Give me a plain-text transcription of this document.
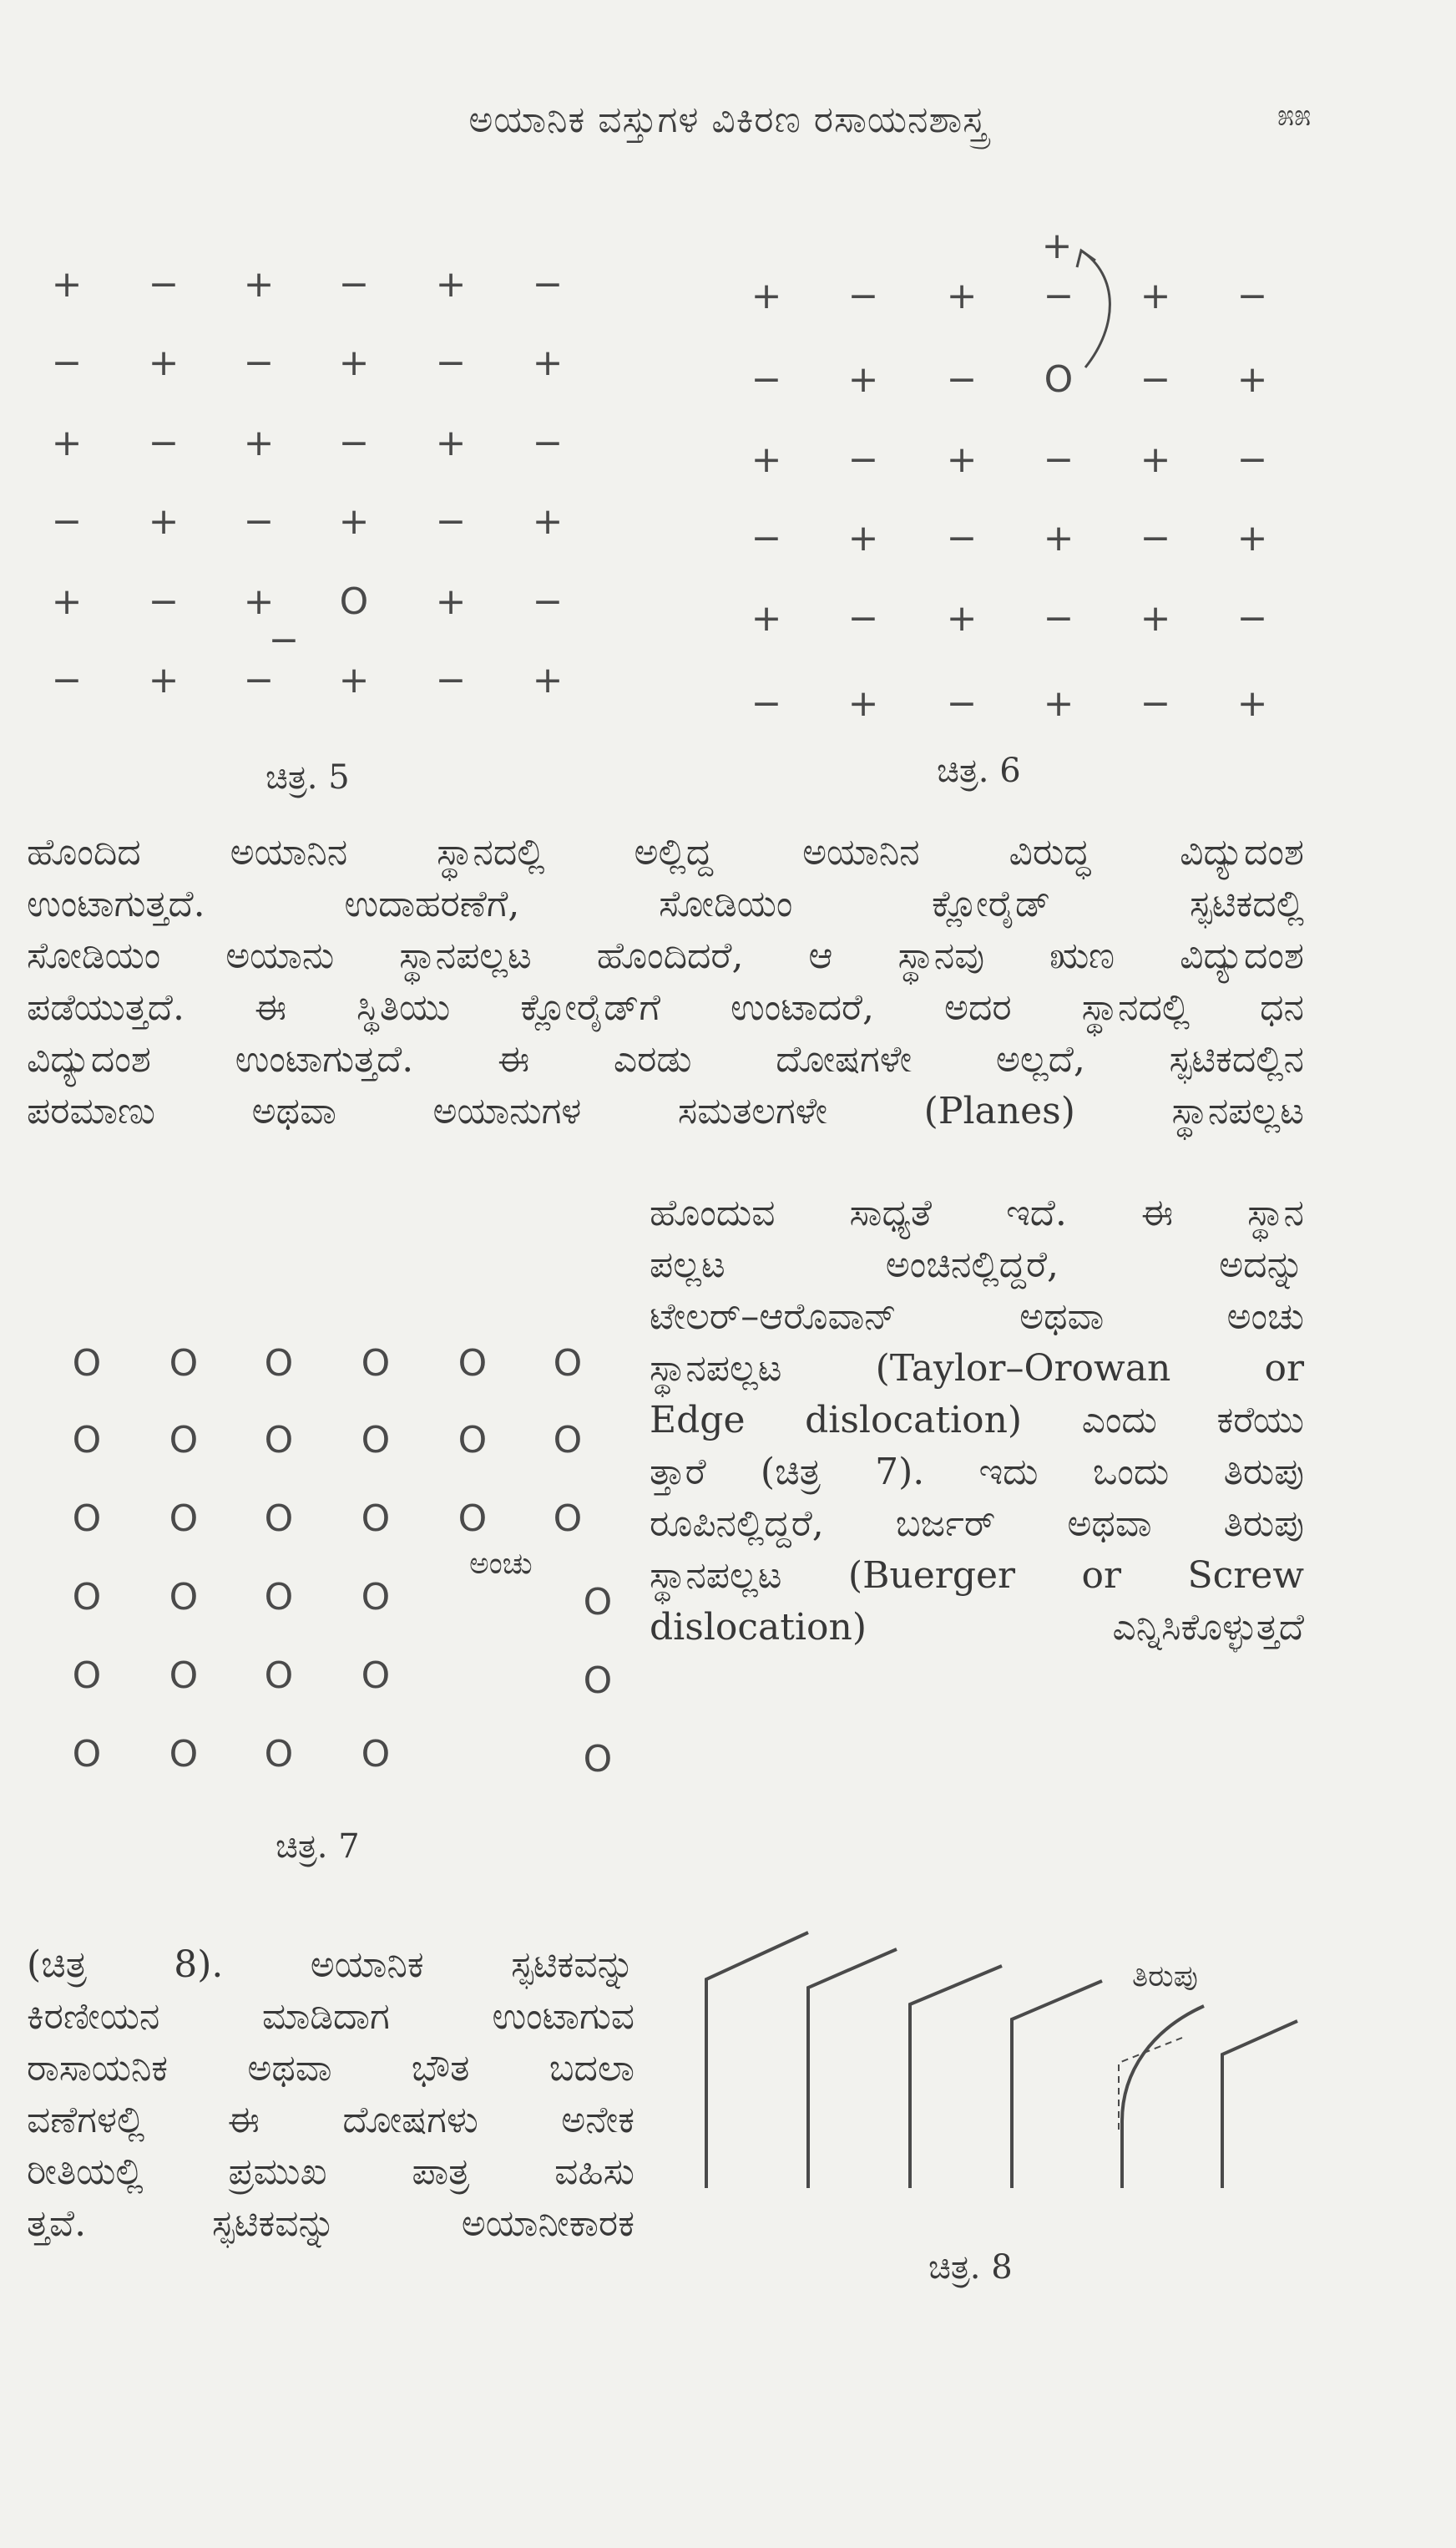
ಅಯಾನಿಕ ವಸ್ತುಗಳ ವಿಕಿರಣ ರಸಾಯನಶಾಸ್ತ್ರ	೫೫
+ − + − + −
− + − + − +
+ − + − + −
− + − + − +
+ − + O + −
− + − + − +
−
ಚಿತ್ರ. 5
+ − + − + −
− + − O − +
+ − + − + −
− + − + − +
+ − + − + −
− + − + − +
+
ಚಿತ್ರ. 6
ಹೊಂದಿದ ಅಯಾನಿನ ಸ್ಥಾನದಲ್ಲಿ ಅಲ್ಲಿದ್ದ ಅಯಾನಿನ ವಿರುದ್ಧ ವಿದ್ಯುದಂಶ
ಉಂಟಾಗುತ್ತದೆ. ಉದಾಹರಣೆಗೆ, ಸೋಡಿಯಂ ಕ್ಲೋರೈಡ್ ಸ್ಫಟಿಕದಲ್ಲಿ
ಸೋಡಿಯಂ ಅಯಾನು ಸ್ಥಾನಪಲ್ಲಟ ಹೊಂದಿದರೆ, ಆ ಸ್ಥಾನವು ಋಣ ವಿದ್ಯುದಂಶ
ಪಡೆಯುತ್ತದೆ. ಈ ಸ್ಥಿತಿಯು ಕ್ಲೋರೈಡ್‌ಗೆ ಉಂಟಾದರೆ, ಅದರ ಸ್ಥಾನದಲ್ಲಿ ಧನ
ವಿದ್ಯುದಂಶ ಉಂಟಾಗುತ್ತದೆ. ಈ ಎರಡು ದೋಷಗಳೇ ಅಲ್ಲದೆ, ಸ್ಫಟಿಕದಲ್ಲಿನ
ಪರಮಾಣು ಅಥವಾ ಅಯಾನುಗಳ ಸಮತಲಗಳೇ (Planes) ಸ್ಥಾನಪಲ್ಲಟ
ಹೊಂದುವ ಸಾಧ್ಯತೆ ಇದೆ. ಈ ಸ್ಥಾನ
ಪಲ್ಲಟ ಅಂಚಿನಲ್ಲಿದ್ದರೆ, ಅದನ್ನು
ಟೇಲರ್–ಆರೊವಾನ್ ಅಥವಾ ಅಂಚು
ಸ್ಥಾನಪಲ್ಲಟ (Taylor–Orowan or
Edge dislocation) ಎಂದು ಕರೆಯು
ತ್ತಾರೆ (ಚಿತ್ರ 7). ಇದು ಒಂದು ತಿರುಪು
ರೂಪಿನಲ್ಲಿದ್ದರೆ, ಬರ್ಜರ್ ಅಥವಾ ತಿರುಪು
ಸ್ಥಾನಪಲ್ಲಟ (Buerger or Screw
dislocation) ಎನ್ನಿಸಿಕೊಳ್ಳುತ್ತದೆ
O O O O O O
O O O O O O
O O O O O O
O O O O	O
O O O O	O
O O O O	O
ಅಂಚು
ಚಿತ್ರ. 7
(ಚಿತ್ರ 8). ಅಯಾನಿಕ ಸ್ಫಟಿಕವನ್ನು
ಕಿರಣೀಯನ ಮಾಡಿದಾಗ ಉಂಟಾಗುವ
ರಾಸಾಯನಿಕ ಅಥವಾ ಭೌತ ಬದಲಾ
ವಣೆಗಳಲ್ಲಿ ಈ ದೋಷಗಳು ಅನೇಕ
ರೀತಿಯಲ್ಲಿ ಪ್ರಮುಖ ಪಾತ್ರ ವಹಿಸು
ತ್ತವೆ. ಸ್ಫಟಿಕವನ್ನು ಅಯಾನೀಕಾರಕ
ತಿರುಪು
ಚಿತ್ರ. 8
